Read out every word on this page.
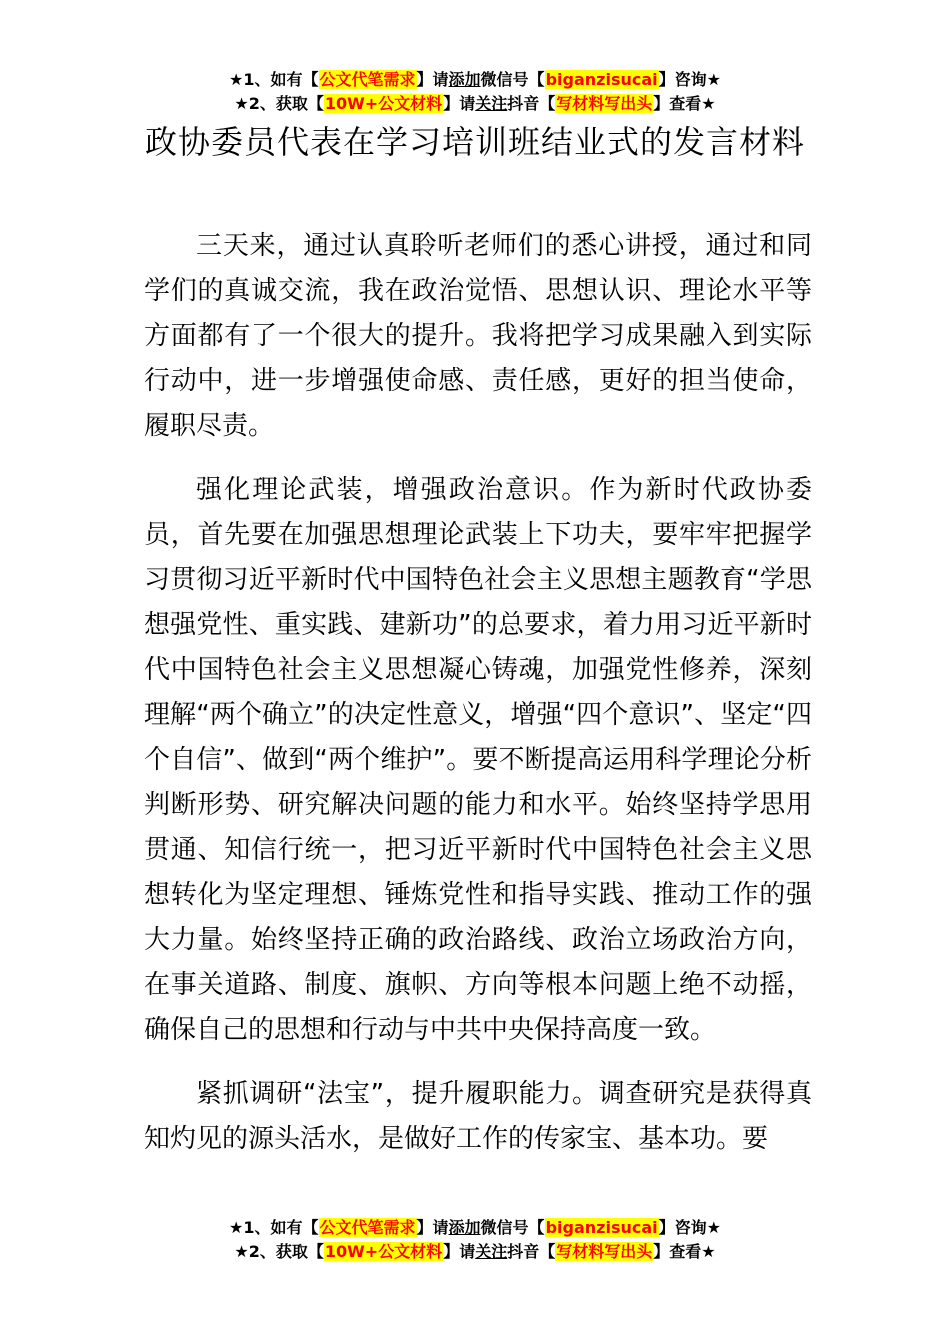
★1、如有【公文代笔需求】请添加微信号【biganzisucai】咨询★
★2、获取【10W+公文材料】请关注抖音【写材料写出头】查看★
政协委员代表在学习培训班结业式的发言材料

三天来，通过认真聆听老师们的悉心讲授，通过和同学们的真诚交流，我在政治觉悟、思想认识、理论水平等方面都有了一个很大的提升。我将把学习成果融入到实际行动中，进一步增强使命感、责任感，更好的担当使命，履职尽责。

强化理论武装，增强政治意识。作为新时代政协委员，首先要在加强思想理论武装上下功夫，要牢牢把握学习贯彻习近平新时代中国特色社会主义思想主题教育“学思想强党性、重实践、建新功”的总要求，着力用习近平新时代中国特色社会主义思想凝心铸魂，加强党性修养，深刻理解“两个确立”的决定性意义，增强“四个意识”、坚定“四个自信”、做到“两个维护”。要不断提高运用科学理论分析判断形势、研究解决问题的能力和水平。始终坚持学思用贯通、知信行统一，把习近平新时代中国特色社会主义思想转化为坚定理想、锤炼党性和指导实践、推动工作的强大力量。始终坚持正确的政治路线、政治立场政治方向，在事关道路、制度、旗帜、方向等根本问题上绝不动摇，确保自己的思想和行动与中共中央保持高度一致。

紧抓调研“法宝”，提升履职能力。调查研究是获得真知灼见的源头活水，是做好工作的传家宝、基本功。要

★1、如有【公文代笔需求】请添加微信号【biganzisucai】咨询★
★2、获取【10W+公文材料】请关注抖音【写材料写出头】查看★
